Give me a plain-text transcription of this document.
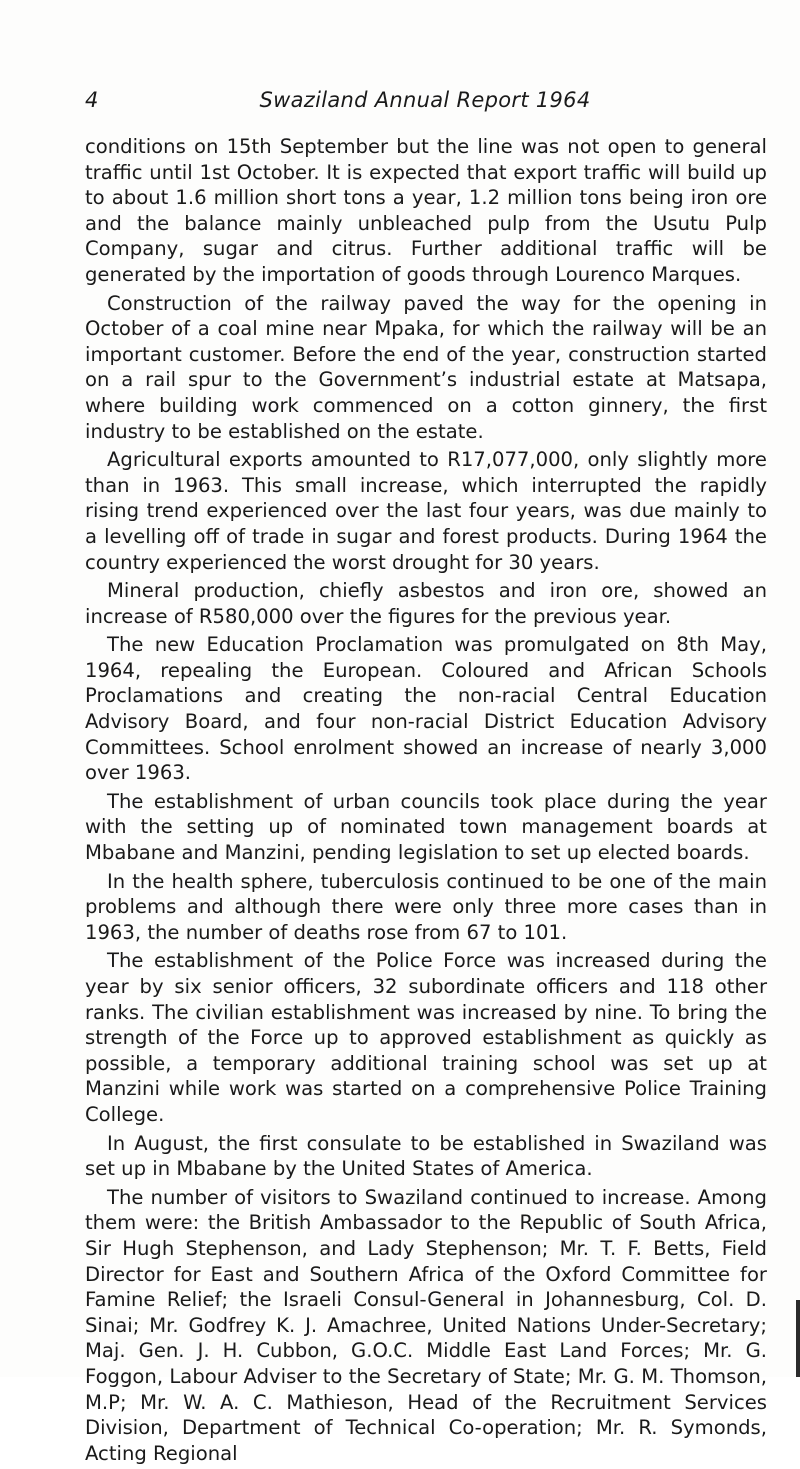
4	Swaziland Annual Report 1964

conditions on 15th September but the line was not open to general traffic until 1st October. It is expected that export traffic will build up to about 1.6 million short tons a year, 1.2 million tons being iron ore and the balance mainly unbleached pulp from the Usutu Pulp Company, sugar and citrus. Further additional traffic will be generated by the importation of goods through Lourenco Marques.

Construction of the railway paved the way for the opening in October of a coal mine near Mpaka, for which the railway will be an important customer. Before the end of the year, construction started on a rail spur to the Government’s industrial estate at Matsapa, where building work commenced on a cotton ginnery, the first industry to be established on the estate.

Agricultural exports amounted to R17,077,000, only slightly more than in 1963. This small increase, which interrupted the rapidly rising trend experienced over the last four years, was due mainly to a levelling off of trade in sugar and forest products. During 1964 the country experienced the worst drought for 30 years.

Mineral production, chiefly asbestos and iron ore, showed an increase of R580,000 over the figures for the previous year.

The new Education Proclamation was promulgated on 8th May, 1964, repealing the European. Coloured and African Schools Proclamations and creating the non-racial Central Education Advisory Board, and four non-racial District Education Advisory Committees. School enrolment showed an increase of nearly 3,000 over 1963.

The establishment of urban councils took place during the year with the setting up of nominated town management boards at Mbabane and Manzini, pending legislation to set up elected boards.

In the health sphere, tuberculosis continued to be one of the main problems and although there were only three more cases than in 1963, the number of deaths rose from 67 to 101.

The establishment of the Police Force was increased during the year by six senior officers, 32 subordinate officers and 118 other ranks. The civilian establishment was increased by nine. To bring the strength of the Force up to approved establishment as quickly as possible, a temporary additional training school was set up at Manzini while work was started on a comprehensive Police Training College.

In August, the first consulate to be established in Swaziland was set up in Mbabane by the United States of America.

The number of visitors to Swaziland continued to increase. Among them were: the British Ambassador to the Republic of South Africa, Sir Hugh Stephenson, and Lady Stephenson; Mr. T. F. Betts, Field Director for East and Southern Africa of the Oxford Committee for Famine Relief; the Israeli Consul-General in Johannesburg, Col. D. Sinai; Mr. Godfrey K. J. Amachree, United Nations Under-Secretary; Maj. Gen. J. H. Cubbon, G.O.C. Middle East Land Forces; Mr. G. Foggon, Labour Adviser to the Secretary of State; Mr. G. M. Thomson, M.P; Mr. W. A. C. Mathieson, Head of the Recruitment Services Division, Department of Technical Co-operation; Mr. R. Symonds, Acting Regional
